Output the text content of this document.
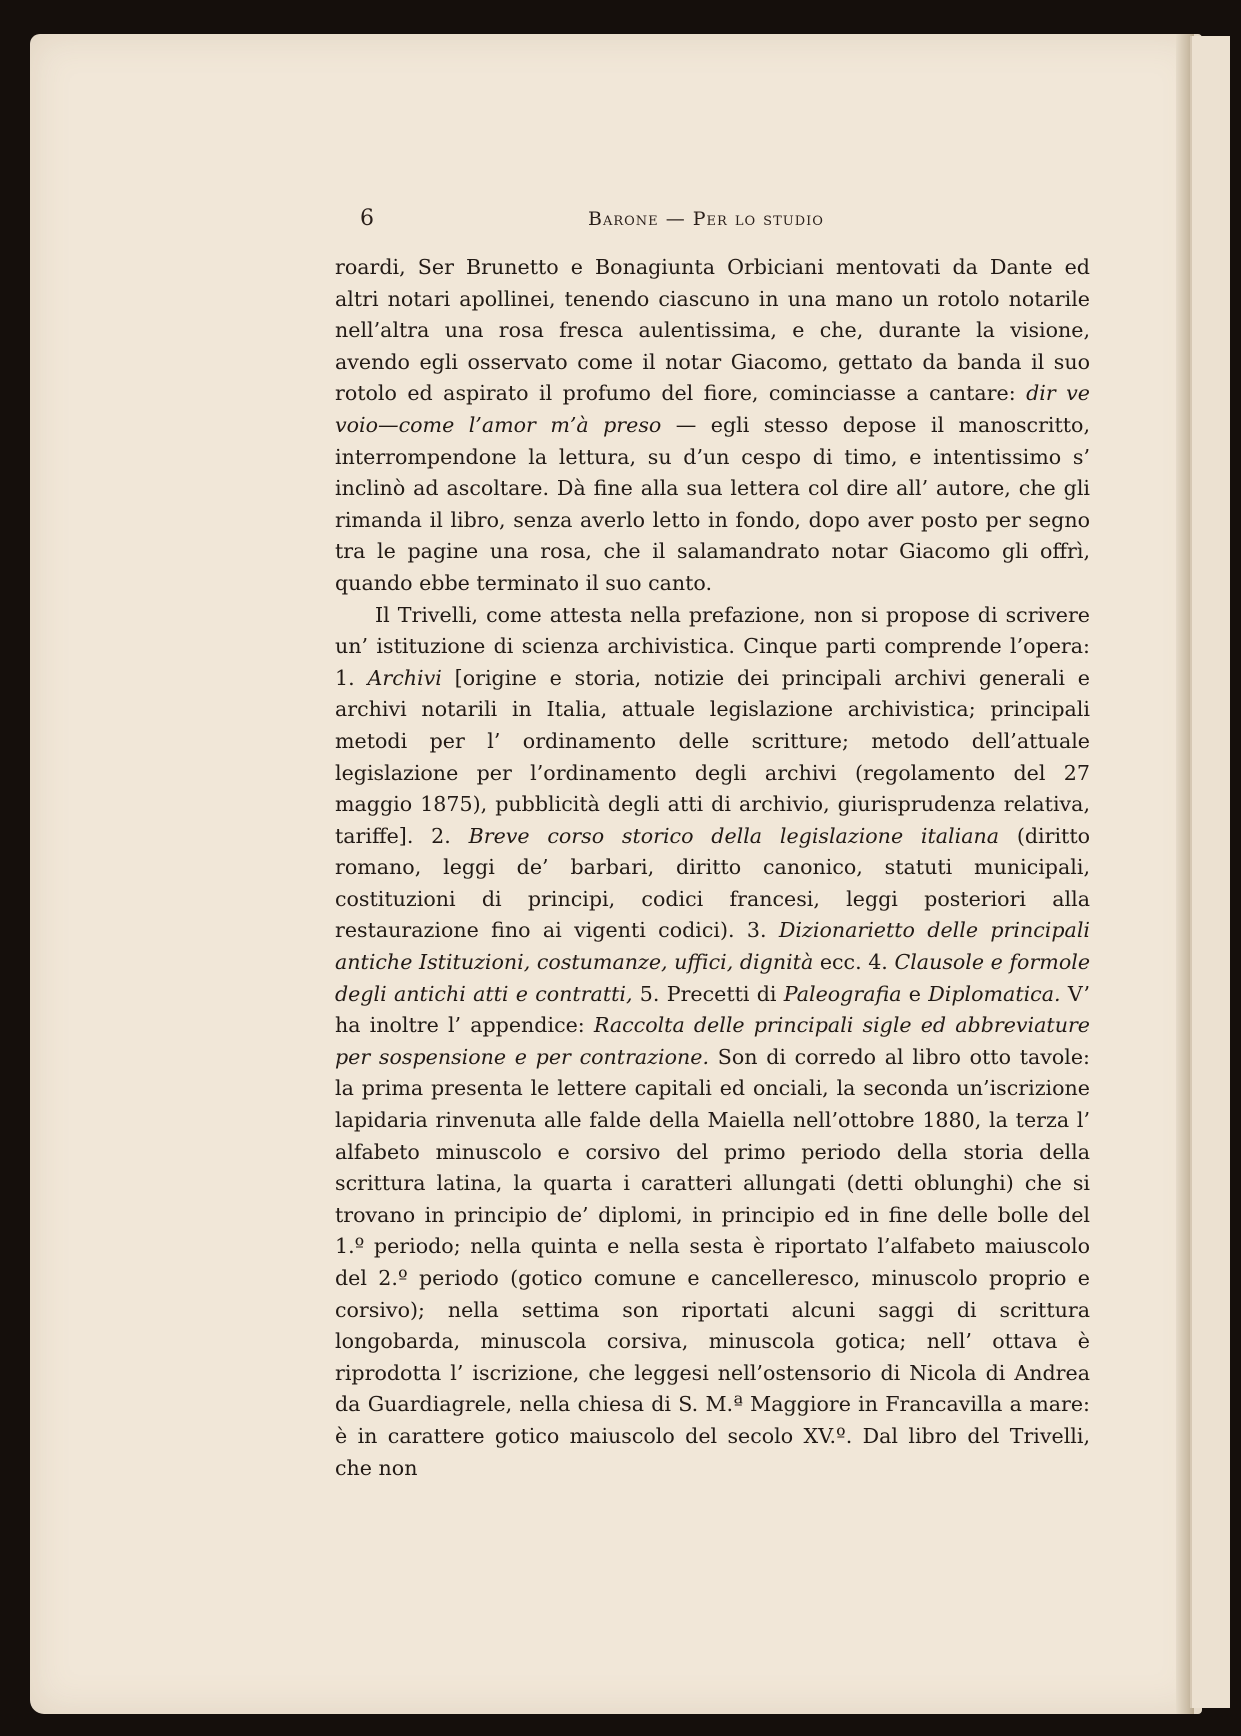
6	Barone — Per lo studio

roardi, Ser Brunetto e Bonagiunta Orbiciani mentovati da Dante ed altri notari apollinei, tenendo ciascuno in una mano un rotolo notarile nell’altra una rosa fresca aulentissima, e che, durante la visione, avendo egli osservato come il notar Giacomo, gettato da banda il suo rotolo ed aspirato il profumo del fiore, cominciasse a cantare: dir ve voio—come l’amor m’à preso — egli stesso depose il manoscritto, interrompendone la lettura, su d’un cespo di timo, e intentissimo s’ inclinò ad ascoltare. Dà fine alla sua lettera col dire all’ autore, che gli rimanda il libro, senza averlo letto in fondo, dopo aver posto per segno tra le pagine una rosa, che il salamandrato notar Giacomo gli offrì, quando ebbe terminato il suo canto.

Il Trivelli, come attesta nella prefazione, non si propose di scrivere un’ istituzione di scienza archivistica. Cinque parti comprende l’opera: 1. Archivi [origine e storia, notizie dei principali archivi generali e archivi notarili in Italia, attuale legislazione archivistica; principali metodi per l’ ordinamento delle scritture; metodo dell’attuale legislazione per l’ordinamento degli archivi (regolamento del 27 maggio 1875), pubblicità degli atti di archivio, giurisprudenza relativa, tariffe]. 2. Breve corso storico della legislazione italiana (diritto romano, leggi de’ barbari, diritto canonico, statuti municipali, costituzioni di principi, codici francesi, leggi posteriori alla restaurazione fino ai vigenti codici). 3. Dizionarietto delle principali antiche Istituzioni, costumanze, uffici, dignità ecc. 4. Clausole e formole degli antichi atti e contratti, 5. Precetti di Paleografia e Diplomatica. V’ ha inoltre l’ appendice: Raccolta delle principali sigle ed abbreviature per sospensione e per contrazione. Son di corredo al libro otto tavole: la prima presenta le lettere capitali ed onciali, la seconda un’iscrizione lapidaria rinvenuta alle falde della Maiella nell’ottobre 1880, la terza l’ alfabeto minuscolo e corsivo del primo periodo della storia della scrittura latina, la quarta i caratteri allungati (detti oblunghi) che si trovano in principio de’ diplomi, in principio ed in fine delle bolle del 1.º periodo; nella quinta e nella sesta è riportato l’alfabeto maiuscolo del 2.º periodo (gotico comune e cancelleresco, minuscolo proprio e corsivo); nella settima son riportati alcuni saggi di scrittura longobarda, minuscola corsiva, minuscola gotica; nell’ ottava è riprodotta l’ iscrizione, che leggesi nell’ostensorio di Nicola di Andrea da Guardiagrele, nella chiesa di S. M.ª Maggiore in Francavilla a mare: è in carattere gotico maiuscolo del secolo XV.º. Dal libro del Trivelli, che non
